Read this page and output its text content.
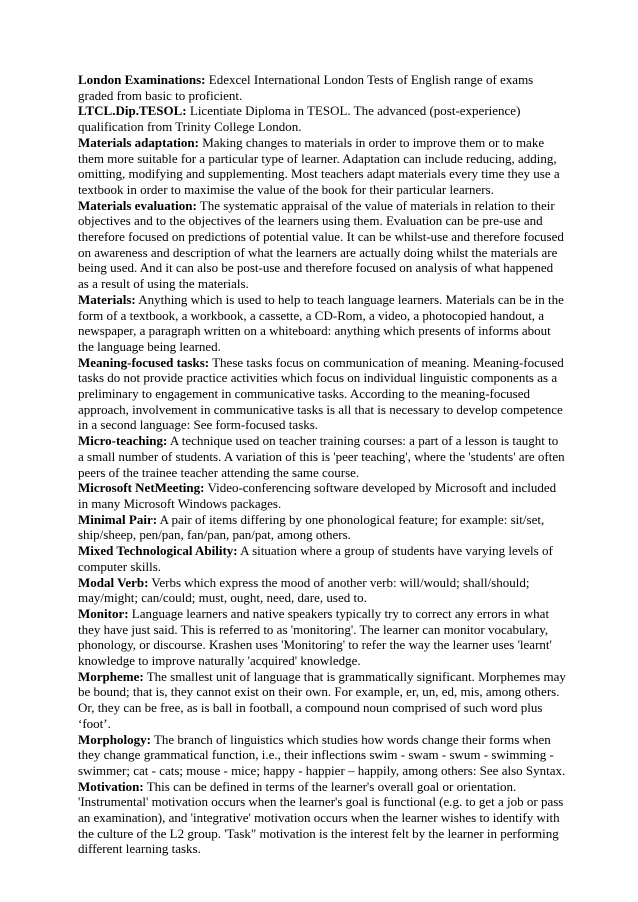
London Examinations: Edexcel International London Tests of English range of exams graded from basic to proficient.

LTCL.Dip.TESOL: Licentiate Diploma in TESOL. The advanced (post-experience) qualification from Trinity College London.

Materials adaptation: Making changes to materials in order to improve them or to make them more suitable for a particular type of learner. Adaptation can include reducing, adding, omitting, modifying and supplementing. Most teachers adapt materials every time they use a textbook in order to maximise the value of the book for their particular learners.

Materials evaluation: The systematic appraisal of the value of materials in relation to their objectives and to the objectives of the learners using them. Evaluation can be pre-use and therefore focused on predictions of potential value. It can be whilst-use and therefore focused on awareness and description of what the learners are actually doing whilst the materials are being used. And it can also be post-use and therefore focused on analysis of what happened as a result of using the materials.

Materials: Anything which is used to help to teach language learners. Materials can be in the form of a textbook, a workbook, a cassette, a CD-Rom, a video, a photocopied handout, a newspaper, a paragraph written on a whiteboard: anything which presents of informs about the language being learned.

Meaning-focused tasks: These tasks focus on communication of meaning. Meaning-focused tasks do not provide practice activities which focus on individual linguistic components as a preliminary to engagement in communicative tasks. According to the meaning-focused approach, involvement in communicative tasks is all that is necessary to develop competence in a second language: See form-focused tasks.

Micro-teaching: A technique used on teacher training courses: a part of a lesson is taught to a small number of students. A variation of this is 'peer teaching', where the 'students' are often peers of the trainee teacher attending the same course.

Microsoft NetMeeting: Video-conferencing software developed by Microsoft and included in many Microsoft Windows packages.

Minimal Pair: A pair of items differing by one phonological feature; for example: sit/set, ship/sheep, pen/pan, fan/pan, pan/pat, among others.

Mixed Technological Ability: A situation where a group of students have varying levels of computer skills.

Modal Verb: Verbs which express the mood of another verb: will/would; shall/should; may/might; can/could; must, ought, need, dare, used to.

Monitor: Language learners and native speakers typically try to correct any errors in what they have just said. This is referred to as 'monitoring'. The learner can monitor vocabulary, phonology, or discourse. Krashen uses 'Monitoring' to refer the way the learner uses 'learnt' knowledge to improve naturally 'acquired' knowledge.

Morpheme: The smallest unit of language that is grammatically significant. Morphemes may be bound; that is, they cannot exist on their own. For example, er, un, ed, mis, among others. Or, they can be free, as is ball in football, a compound noun comprised of such word plus ‘foot’.

Morphology: The branch of linguistics which studies how words change their forms when they change grammatical function, i.e., their inflections swim - swam - swum - swimming - swimmer; cat - cats; mouse - mice; happy - happier – happily, among others: See also Syntax.

Motivation: This can be defined in terms of the learner's overall goal or orientation. 'Instrumental' motivation occurs when the learner's goal is functional (e.g. to get a job or pass an examination), and 'integrative' motivation occurs when the learner wishes to identify with the culture of the L2 group. 'Task" motivation is the interest felt by the learner in performing different learning tasks.
